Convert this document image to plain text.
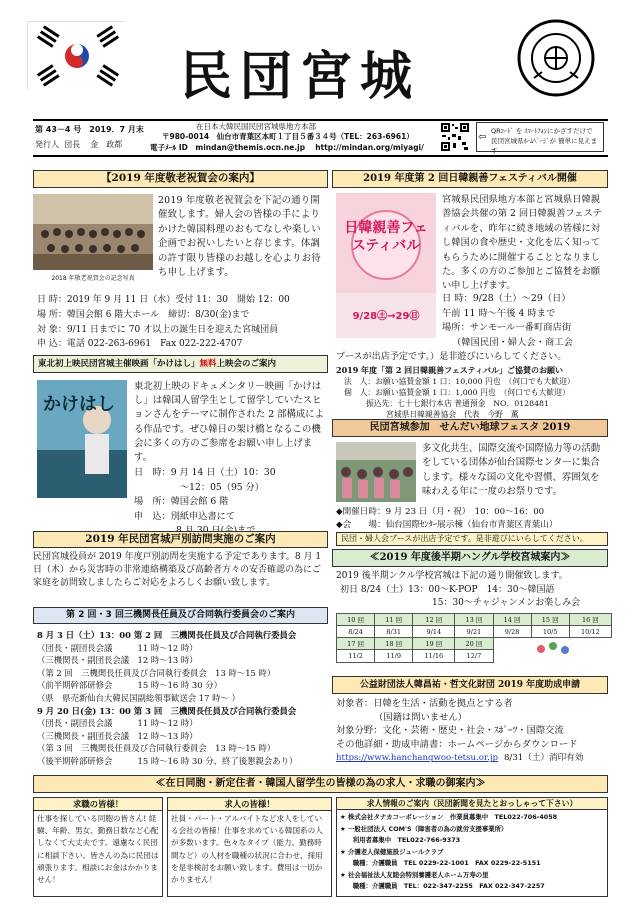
民団宮城
第 43－4 号　2019．7 月末
発行人 団長 金　政都
在日本大韓民国民団宮城県地方本部
〒980-0014　仙台市青葉区本町１丁目５番３４号（TEL：263-6961）
電子ﾒｰﾙ ID　mindan@themis.ocn.ne.jp　 http://mindan.org/miyagi/
QRｺｰﾄﾞ を ｽﾏｰﾄﾌｫﾝにかざすだけで 民団宮城県ﾎｰﾑﾍﾟｰｼﾞが 簡単に見えます
⇦
【2019 年度敬老祝賀会の案内】
2018 年敬老祝賀会の記念写真
2019 年度敬老祝賀会を下記の通り開催致します。婦人会の皆様の手によりかけた韓国料理のおもてなしや楽しい企画でお祝いしたいと存じます。体調の許す限り皆様のお越しを心よりお待ち申し上げます。
日 時：2019 年 9 月 11 日（水）受付 11：30　開始 12：00
場 所：韓国会館 6 階大ホール　締切：8/30(金)まで
対 象：9/11 日までに 70 才以上の誕生日を迎えた宮城団員
申 込：電話 022-263-6961　Fax 022-222-4707
東北初上映民団宮城主催映画「かけはし」無料上映会のご案内
かけはし
東北初上映のドキュメンタリー映画「かけはし」は韓国人留学生として留学していたスヒョンさんをテーマに制作された 2 部構成による作品です。ぜひ韓日の架け橋となるこの機会に多くの方のご参席をお願い申し上げます。
日　時：9 月 14 日（土）10：30
～12：05（95 分）
場　所：韓国会館 6 階
申　込：別紙申込書にて
2019 年民団宮城戸別訪問実施のご案内
民団宮城役員が 2019 年度戸別訪問を実施する予定であります。8 月 1 日（木）から災害時の非常連絡構築及び高齢者方々の安否確認の為にご家庭を訪問致しましたらご対応をよろしくお願い致します。
第 2 回・3 回三機関長任員及び合同執行委員会のご案内
8 月 3 日（土）13：00 第 2 回　三機関長任員及び合同執行委員会
（団長・副団長会議　　　11 時～12 時）
（三機関長・副団長会議　12 時～13 時）
（第 2 回　三機関長任員及び合同執行委員会　13 時～15 時）
（前半期幹部研修会　　　15 時～16 時 30 分）
（県　県売新仙台大韓民国副総領事歓送会 17 時～ ）
9 月 20 日(金) 13：00 第 3 回　三機関長任員及び合同執行委員会
（団長・副団長会議　　　11 時～12 時）
（三機関長・副団長会議　12 時～13 時）
（第 3 回　三機関長任員及び合同執行委員会　13 時～15 時）
（後半期幹部研修会　　　15 時～16 時 30 分、終了後懇親会あり）
2019 年度第 2 回日韓親善フェスティバル開催
日韓親善フェスティバル
9/28㊏→29㊐
宮城県民団県地方本部と宮城県日韓親善協会共催の第 2 回日韓親善フェスティバルを、昨年に続き地域の皆様に対し韓国の食や歴史・文化を広く知ってもらうために開催することとなりました。多くの方のご参加とご協賛をお願い申し上げます。
日 時：9/28（土）～29（日）
午前 11 時～午後 4 時まで
場所：サンモール一番町商店街
（韓国民団・婦人会・商工会
ブースが出店予定です。）是非遊びにいらしてください。
2019 年度「第 2 回日韓親善フェスティバル」ご協賛のお願い
法　人：お願い協賛金額 1 口：10,000 円也　（何口でも大歓迎）
個　人：お願い協賛金額 1 口：1,000 円也　（何口でも大歓迎）
振込先：七十七銀行本店 普通預金　NO．0128481
宮城県日韓親善協会　代表　今野　薫
民団宮城参加　せんだい地球フェスタ 2019
多文化共生、国際交流や国際協力等の活動をしている団体が仙台国際センターに集合します。様々な国の文化や習慣、雰囲気を味わえる年に一度のお祭りです。
◆開催日時：9 月 23 日（月・祝）　10：00～16：00
◆会　　場：仙台国際ｾﾝﾀｰ展示棟（仙台市青葉区青葉山）
民団・婦人会ブースが出店予定です。是非遊びにいらしてください。
≪2019 年度後半期ハングル学校宮城案内≫
2019 後半期ンクル学校宮城は下記の通り開催致します。
初日 8/24（土）13：00～K-POP　14：30～韓国語
15：30～チャジャンメンお楽しみ会
10 回	11 回	12 回	13 回	14 回	15 回	16 回
8/24	8/31	9/14	9/21	9/28	10/5	10/12
17 回	18 回	19 回	20 回	
11/2	11/9	11/16	12/7			
公益財団法人韓昌祐・哲文化財団 2019 年度助成申請
対象者：日韓を生活・活動を拠点とする者
（国籍は問いません）
対象分野：文化・芸術・歴史・社会・ｽﾎﾟｰﾂ・国際交流
その他詳細・助成申請書：ホームページからダウンロード
https://www.hanchangwoo-tetsu.or.jp 8/31（土）消印有効
≪在日同胞・新定住者・韓国人留学生の皆様の為の求人・求職の御案内≫
求職の皆様！
仕事を探している同胞の皆さん! 経験、年齢、男女、勤務日数など心配しなくて大丈夫です。遠慮なく民団に相談下さい。皆さんの為に民団は頑張ります。相談にお金はかかりません！
求人の皆様！
社員・パート・アルバイトなど求人をしている会社の皆様！仕事を求めている韓国系の人が多数います。色々なタイプ（能力、勤務時間など）の人材を職種の状況に合わせ、採用を是非検討をお願い致します。費用は一切かかりません！
求人情報のご案内（民団新聞を見たとおっしゃって下さい）
★ 株式会社タナカコーポレーション　作業員募集中　TEL022-706-4058
★ 一般社団法人 COM'S（障害者の為の就労支援事業所）
　　利用者募集中　TEL022-766-9373
★ 介護老人保健施設ジュールクラブ
　　職種：介護職員　TEL 0229-22-1001　FAX 0229-22-5151
★ 社会福祉法人友睦会特別養護老人ホーム万寿の里
　　職種：介護職員　TEL：022-347-2255　FAX 022-347-2257
